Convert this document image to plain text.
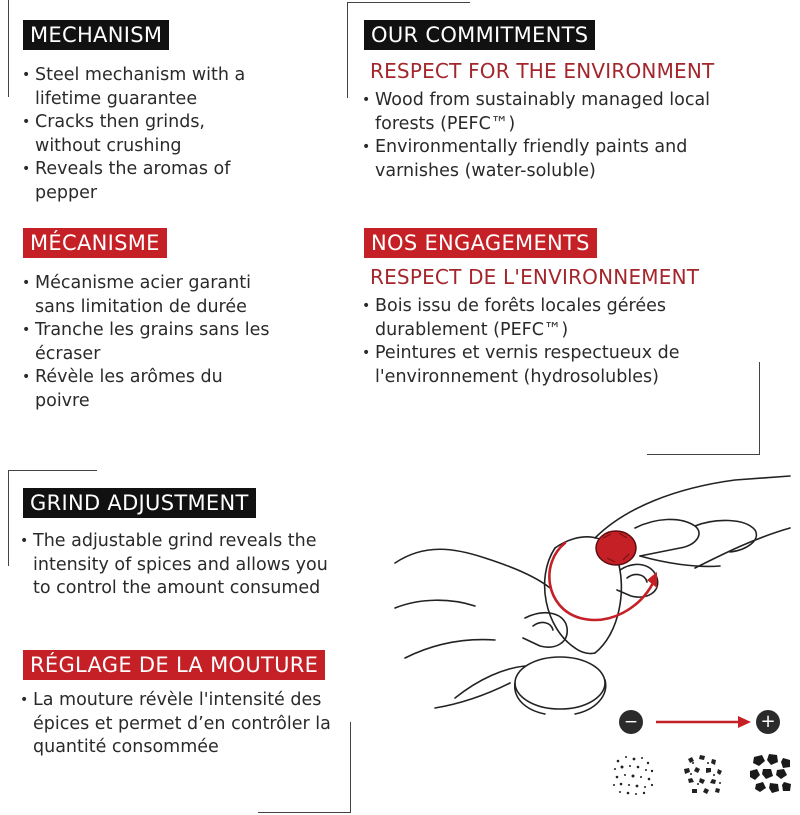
MECHANISM
• Steel mechanism with a lifetime guarantee
• Cracks then grinds, without crushing
• Reveals the aromas of pepper
MÉCANISME
• Mécanisme acier garanti sans limitation de durée
• Tranche les grains sans les écraser
• Révèle les arômes du poivre
OUR COMMITMENTS
RESPECT FOR THE ENVIRONMENT
• Wood from sustainably managed local forests (PEFC™)
• Environmentally friendly paints and varnishes (water-soluble)
NOS ENGAGEMENTS
RESPECT DE L'ENVIRONNEMENT
• Bois issu de forêts locales gérées durablement (PEFC™)
• Peintures et vernis respectueux de l'environnement (hydrosolubles)
GRIND ADJUSTMENT
• The adjustable grind reveals the intensity of spices and allows you to control the amount consumed
RÉGLAGE DE LA MOUTURE
• La mouture révèle l'intensité des épices et permet d’en contrôler la quantité consommée
−	+
